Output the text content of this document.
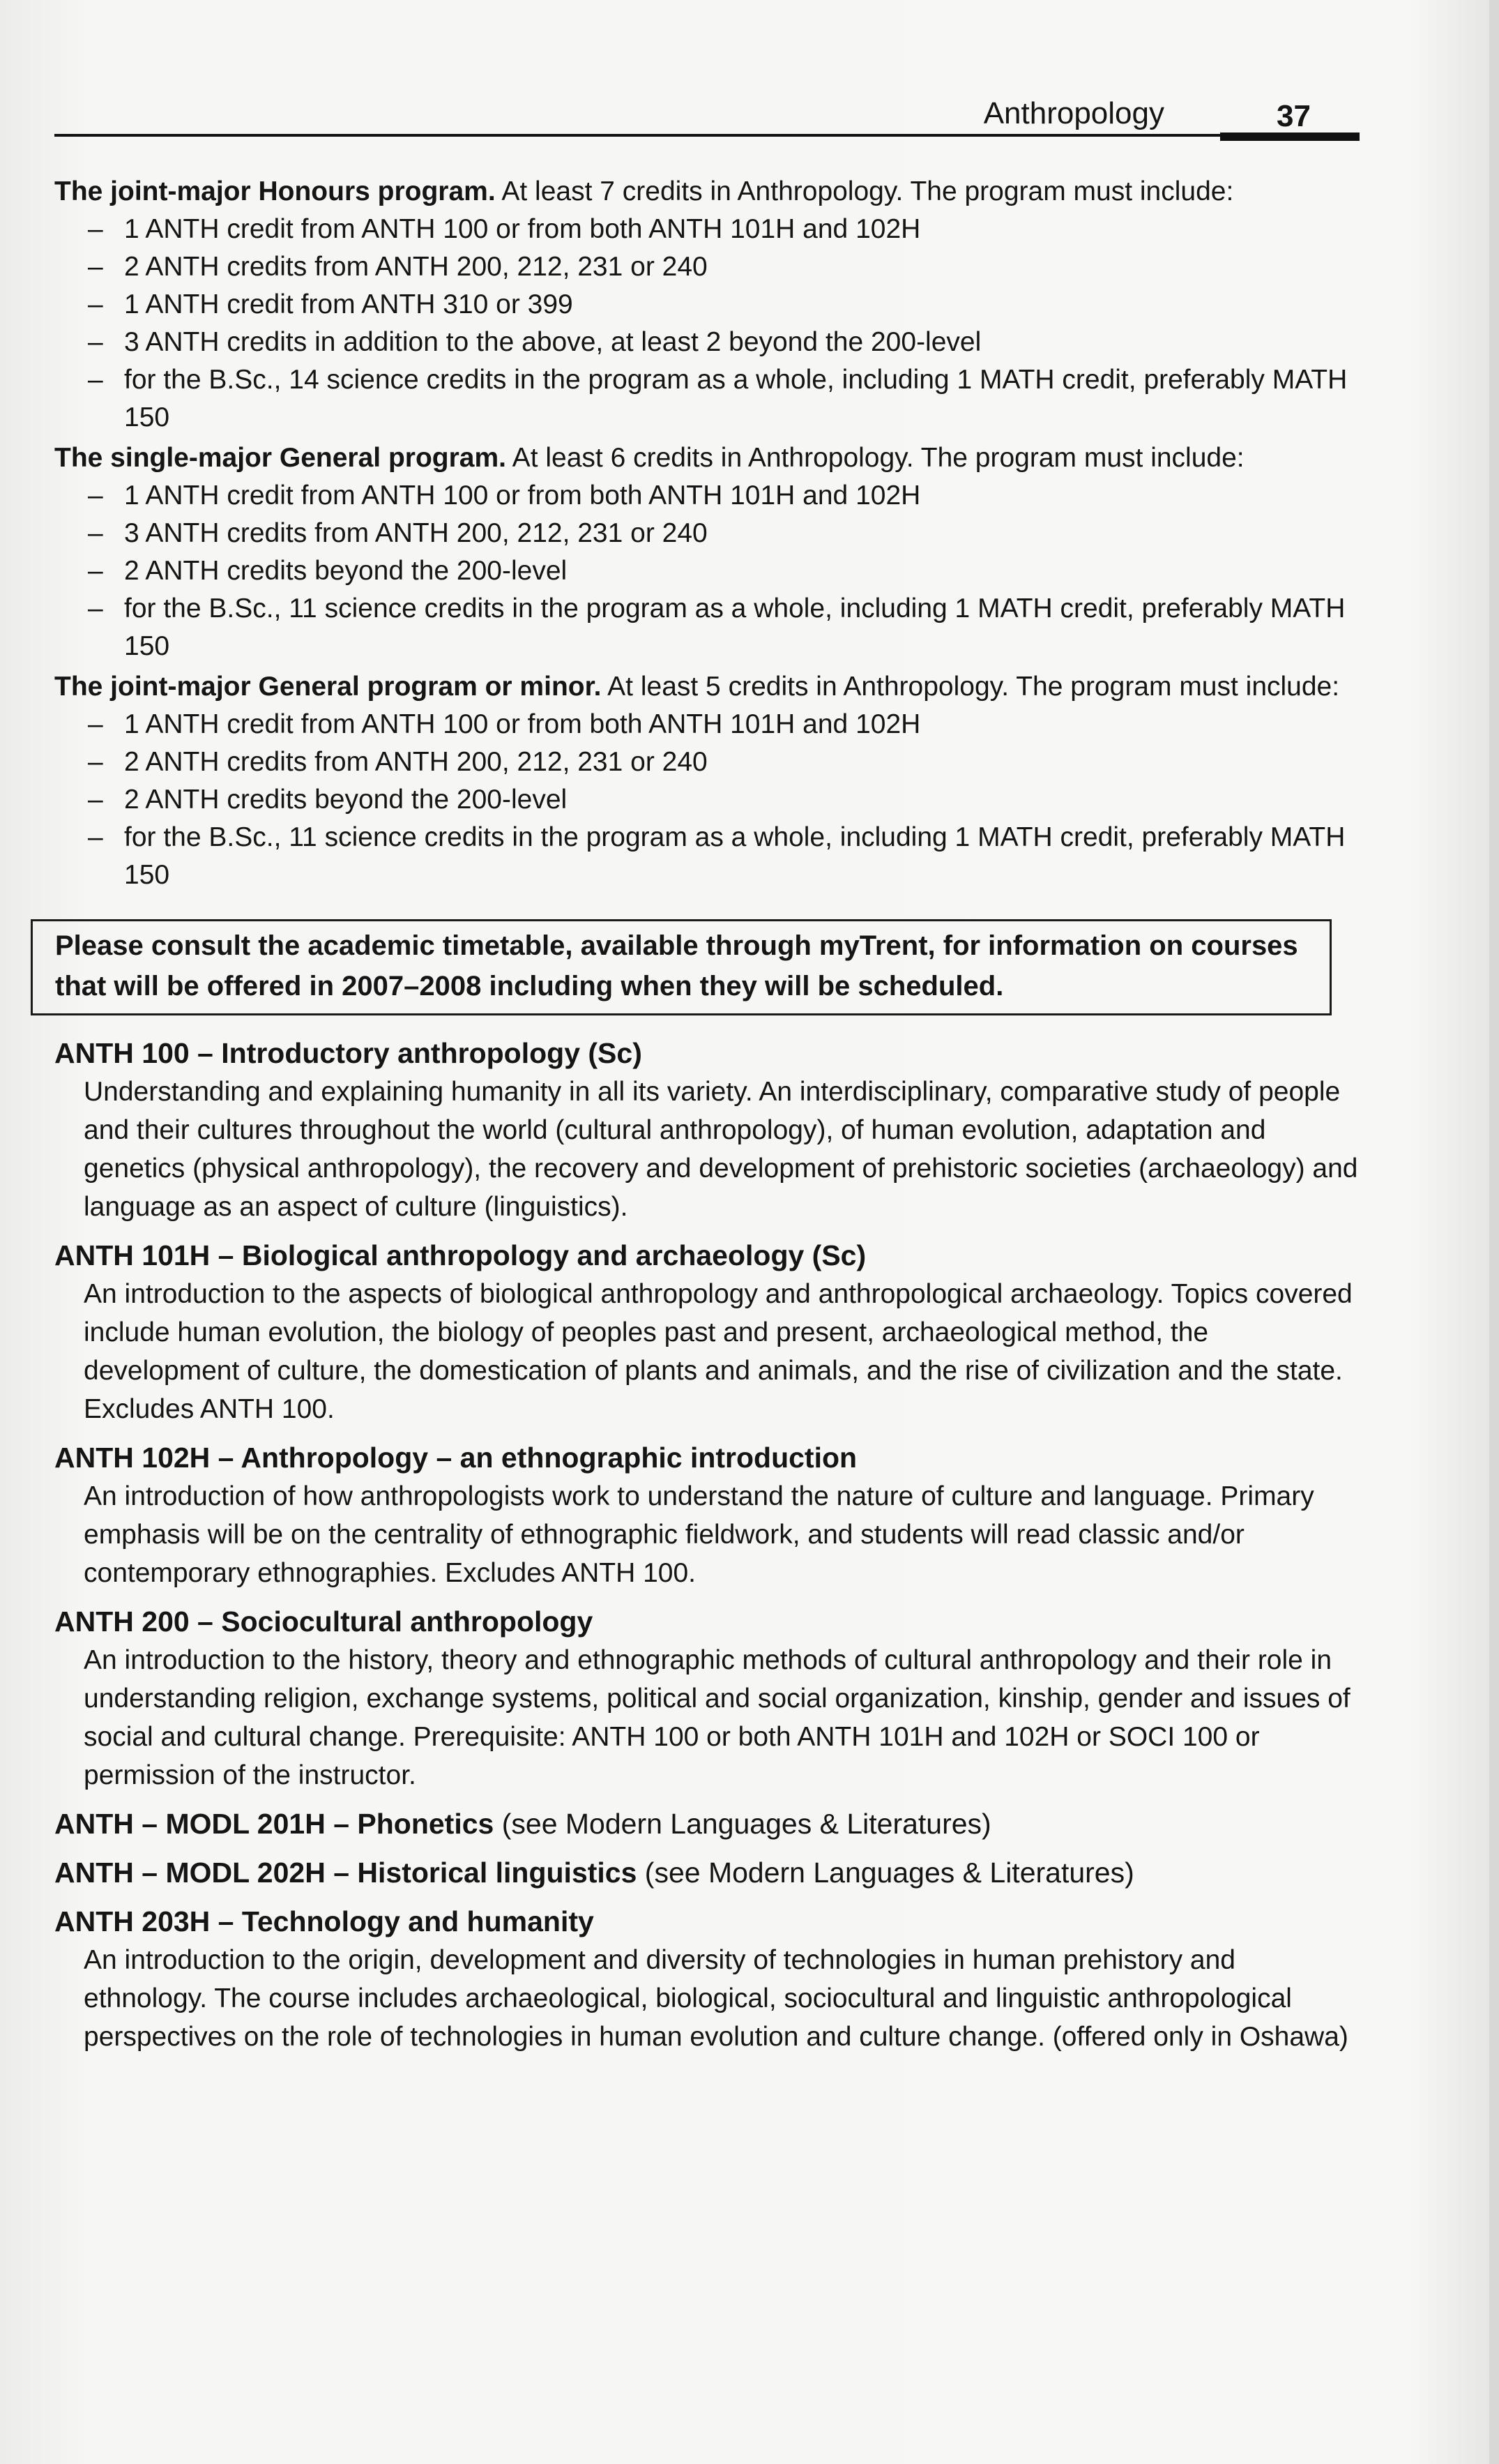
Anthropology	37
The joint-major Honours program. At least 7 credits in Anthropology. The program must include:
– 1 ANTH credit from ANTH 100 or from both ANTH 101H and 102H
– 2 ANTH credits from ANTH 200, 212, 231 or 240
– 1 ANTH credit from ANTH 310 or 399
– 3 ANTH credits in addition to the above, at least 2 beyond the 200-level
– for the B.Sc., 14 science credits in the program as a whole, including 1 MATH credit, preferably MATH 150
The single-major General program. At least 6 credits in Anthropology. The program must include:
– 1 ANTH credit from ANTH 100 or from both ANTH 101H and 102H
– 3 ANTH credits from ANTH 200, 212, 231 or 240
– 2 ANTH credits beyond the 200-level
– for the B.Sc., 11 science credits in the program as a whole, including 1 MATH credit, preferably MATH 150
The joint-major General program or minor. At least 5 credits in Anthropology. The program must include:
– 1 ANTH credit from ANTH 100 or from both ANTH 101H and 102H
– 2 ANTH credits from ANTH 200, 212, 231 or 240
– 2 ANTH credits beyond the 200-level
– for the B.Sc., 11 science credits in the program as a whole, including 1 MATH credit, preferably MATH 150
Please consult the academic timetable, available through myTrent, for information on courses that will be offered in 2007–2008 including when they will be scheduled.
ANTH 100 – Introductory anthropology (Sc)
Understanding and explaining humanity in all its variety. An interdisciplinary, comparative study of people and their cultures throughout the world (cultural anthropology), of human evolution, adaptation and genetics (physical anthropology), the recovery and development of prehistoric societies (archaeology) and language as an aspect of culture (linguistics).
ANTH 101H – Biological anthropology and archaeology (Sc)
An introduction to the aspects of biological anthropology and anthropological archaeology. Topics covered include human evolution, the biology of peoples past and present, archaeological method, the development of culture, the domestication of plants and animals, and the rise of civilization and the state. Excludes ANTH 100.
ANTH 102H – Anthropology – an ethnographic introduction
An introduction of how anthropologists work to understand the nature of culture and language. Primary emphasis will be on the centrality of ethnographic fieldwork, and students will read classic and/or contemporary ethnographies. Excludes ANTH 100.
ANTH 200 – Sociocultural anthropology
An introduction to the history, theory and ethnographic methods of cultural anthropology and their role in understanding religion, exchange systems, political and social organization, kinship, gender and issues of social and cultural change. Prerequisite: ANTH 100 or both ANTH 101H and 102H or SOCI 100 or permission of the instructor.
ANTH – MODL 201H – Phonetics (see Modern Languages & Literatures)
ANTH – MODL 202H – Historical linguistics (see Modern Languages & Literatures)
ANTH 203H – Technology and humanity
An introduction to the origin, development and diversity of technologies in human prehistory and ethnology. The course includes archaeological, biological, sociocultural and linguistic anthropological perspectives on the role of technologies in human evolution and culture change. (offered only in Oshawa)
